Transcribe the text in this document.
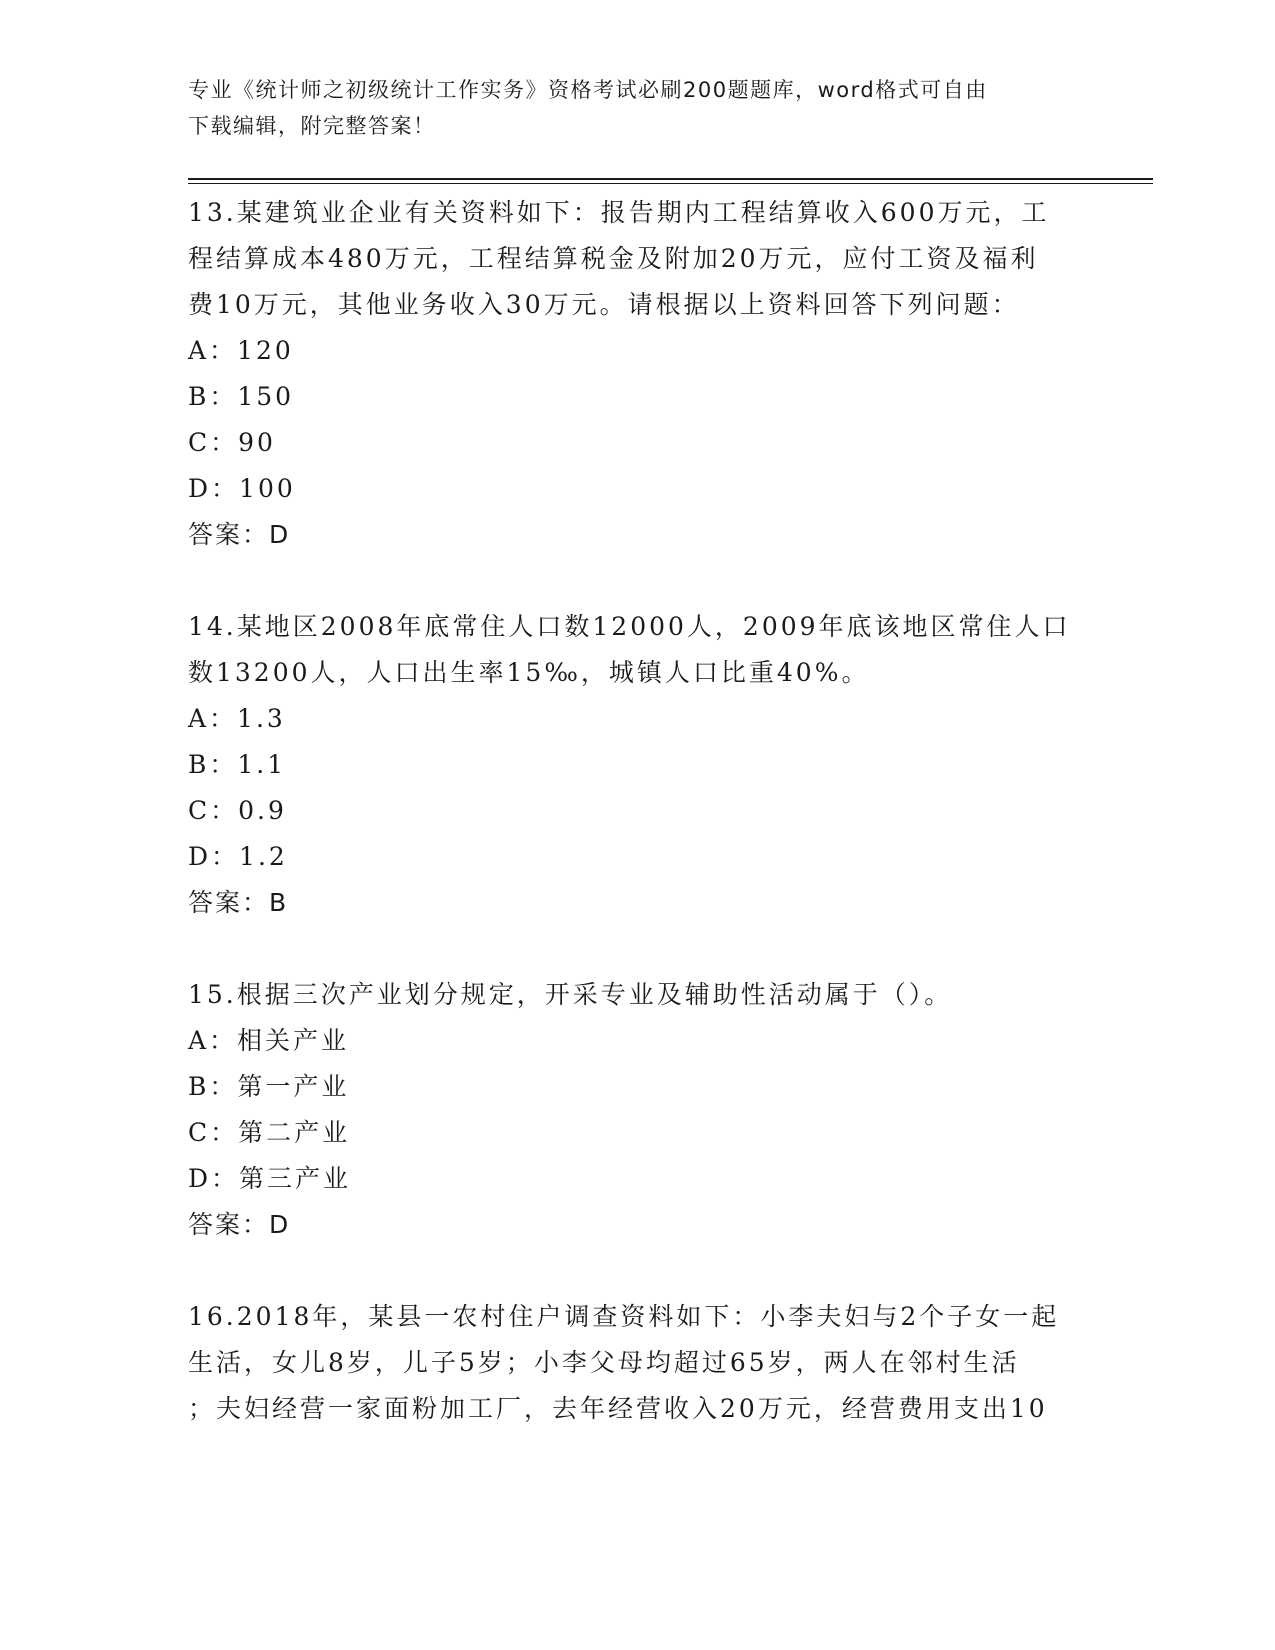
专业《统计师之初级统计工作实务》资格考试必刷200题题库，word格式可自由
下载编辑，附完整答案！
13.某建筑业企业有关资料如下：报告期内工程结算收入600万元，工
程结算成本480万元，工程结算税金及附加20万元，应付工资及福利
费10万元，其他业务收入30万元。请根据以上资料回答下列问题：
A：120
B：150
C：90
D：100
答案：D
14.某地区2008年底常住人口数12000人，2009年底该地区常住人口
数13200人，人口出生率15‰，城镇人口比重40%。
A：1.3
B：1.1
C：0.9
D：1.2
答案：B
15.根据三次产业划分规定，开采专业及辅助性活动属于（）。
A：相关产业
B：第一产业
C：第二产业
D：第三产业
答案：D
16.2018年，某县一农村住户调查资料如下：小李夫妇与2个子女一起
生活，女儿8岁，儿子5岁；小李父母均超过65岁，两人在邻村生活
；夫妇经营一家面粉加工厂，去年经营收入20万元，经营费用支出10
